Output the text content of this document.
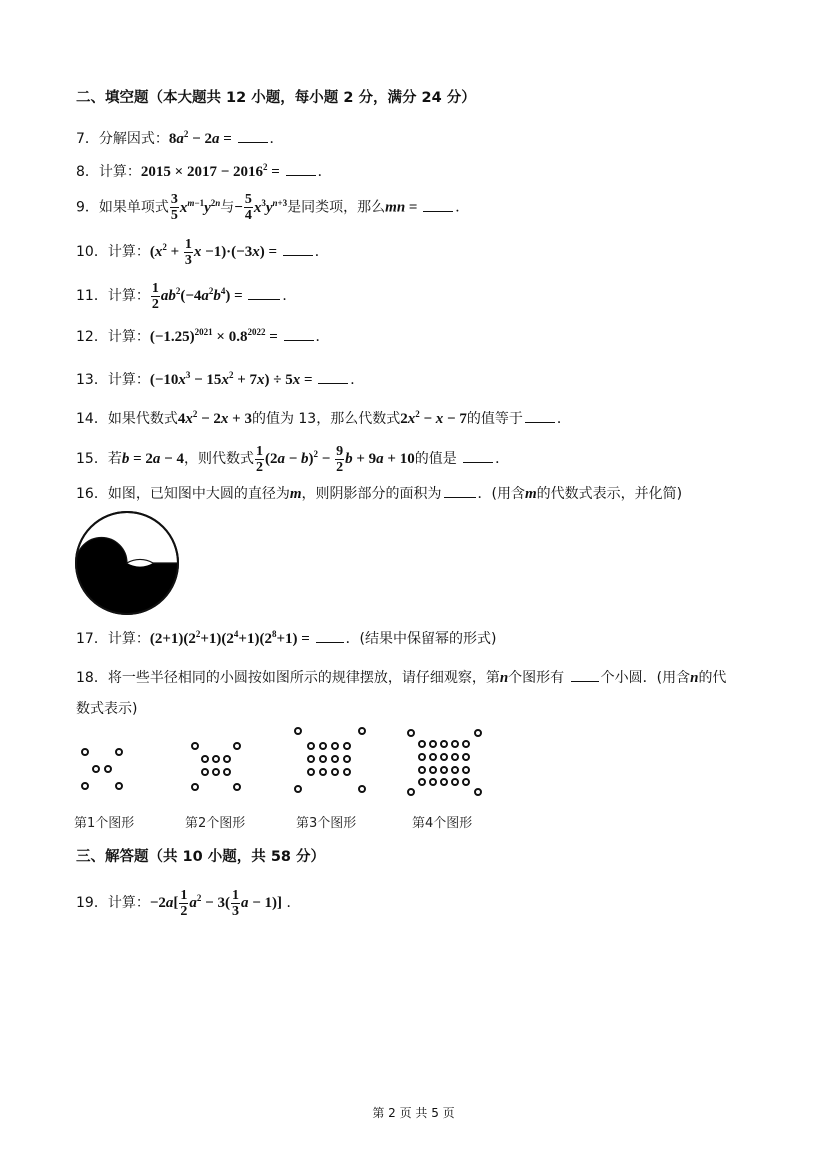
二、填空题（本大题共 12 小题，每小题 2 分，满分 24 分）
7．分解因式：$8a^2 - 2a$ = ．
8．计算：$2015 \times 2017 - 2016^2$ = ．
9．如果单项式 $\frac{3}{5} x^{m-1}y^{2n}$与− $\frac{5}{4} x^3y^{n+3}$是同类项，那么mn = ．
10．计算：($x^2 + \frac{1}{3}$ x −1)·(−3x) = ．
11．计算： $\frac{1}{2} ab^2(-4a^2b^4)$ =	．
12．计算：$(-1.25)^{2021} \times 0.8^{2022}$ = ．
13．计算：$(-10x^3 - 15x^2 + 7x) \div 5x$ = ．
14．如果代数式$4x^2 - 2x + 3$的值为 13，那么代数式$2x^2 - x - 7$的值等于 ．
15．若b = 2a − 4，则代数式 $\frac{1}{2} (2a - b)^2 - \frac{9}{2}$ b + 9a + 10的值是	．
16．如图，已知图中大圆的直径为m，则阴影部分的面积为	．(用含m的代数式表示，并化简)
17．计算：$(2+1)(2^2+1)(2^4+1)(2^8+1)$ = ．(结果中保留幂的形式)
18．将一些半径相同的小圆按如图所示的规律摆放，请仔细观察，第n个图形有	个小圆．(用含n的代
数式表示)
第1个图形	第2个图形	第3个图形	第4个图形
三、解答题（共 10 小题，共 58 分）
19．计算：$-2a[ \frac{1}{2} a^2 - 3( \frac{1}{3}$ a − 1)] ．
第 2 页 共 5 页
